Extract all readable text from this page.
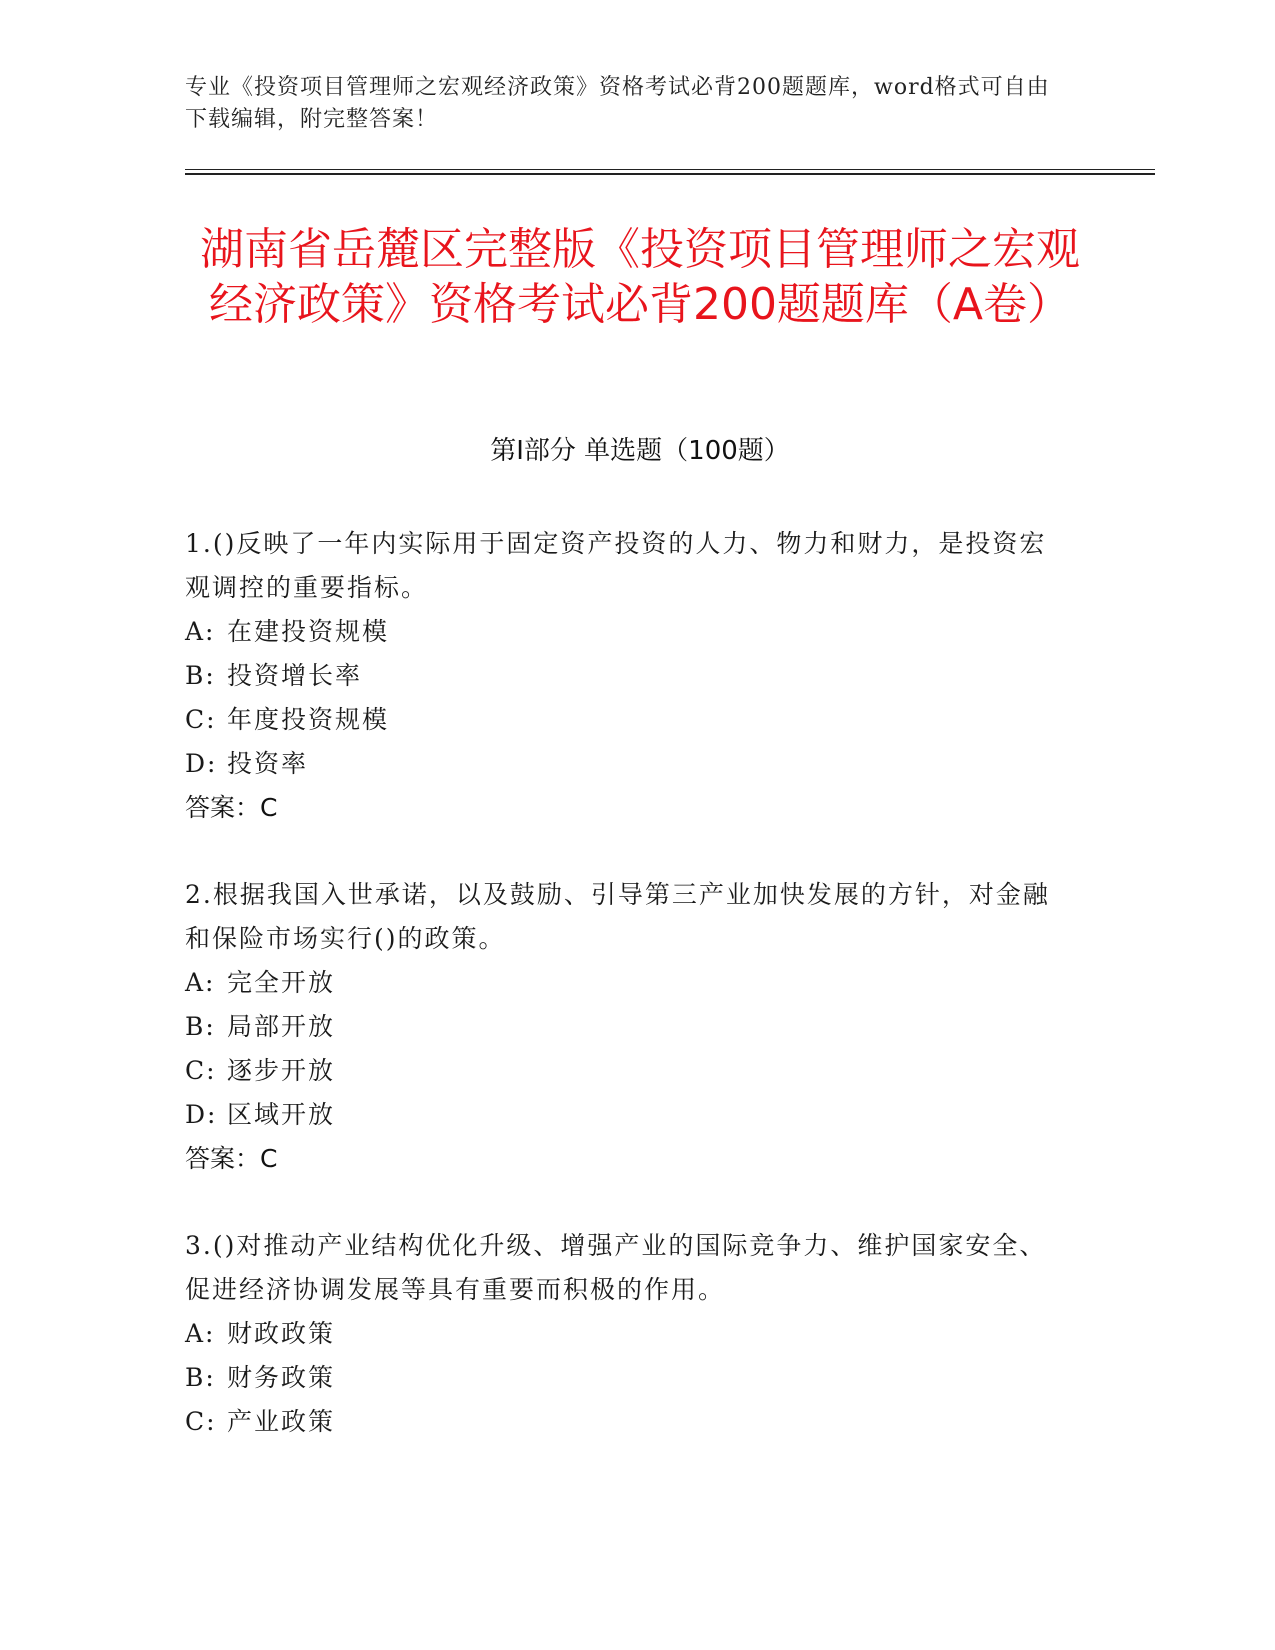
专业《投资项目管理师之宏观经济政策》资格考试必背200题题库，word格式可自由下载编辑，附完整答案！
湖南省岳麓区完整版《投资项目管理师之宏观经济政策》资格考试必背200题题库（A卷）
第I部分 单选题（100题）

1.()反映了一年内实际用于固定资产投资的人力、物力和财力，是投资宏观调控的重要指标。

A: 在建投资规模

B: 投资增长率

C: 年度投资规模

D: 投资率

答案：C

2.根据我国入世承诺，以及鼓励、引导第三产业加快发展的方针，对金融和保险市场实行()的政策。

A: 完全开放

B: 局部开放

C: 逐步开放

D: 区域开放

答案：C

3.()对推动产业结构优化升级、增强产业的国际竞争力、维护国家安全、促进经济协调发展等具有重要而积极的作用。

A: 财政政策

B: 财务政策

C: 产业政策
